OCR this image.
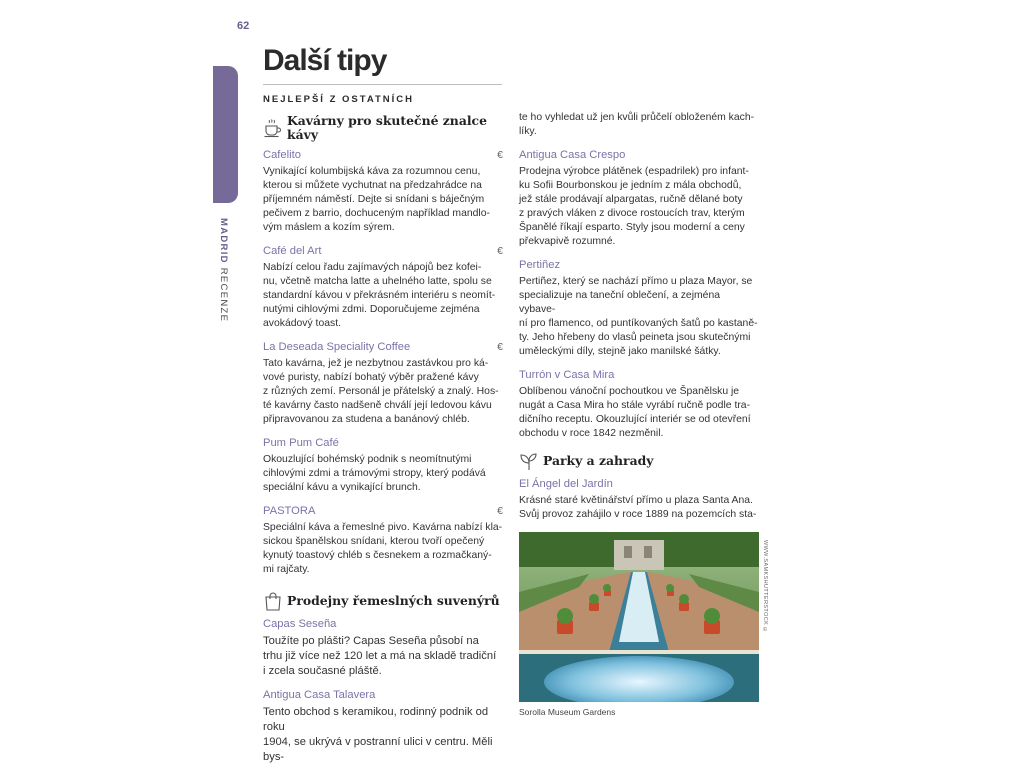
62
MADRID RECENZE
Další tipy
NEJLEPŠÍ Z OSTATNÍCH
Kavárny pro skutečné znalce kávy
Cafelito	€
Vynikající kolumbijská káva za rozumnou cenu,
kterou si můžete vychutnat na předzahrádce na
příjemném náměstí. Dejte si snídani s báječným
pečivem z barrio, dochuceným například mandlo-
vým máslem a kozím sýrem.
Café del Art	€
Nabízí celou řadu zajímavých nápojů bez kofei-
nu, včetně matcha latte a uhelného latte, spolu se
standardní kávou v překrásném interiéru s neomít-
nutými cihlovými zdmi. Doporučujeme zejména
avokádový toast.
La Deseada Speciality Coffee	€
Tato kavárna, jež je nezbytnou zastávkou pro ká-
vové puristy, nabízí bohatý výběr pražené kávy
z různých zemí. Personál je přátelský a znalý. Hos-
té kavárny často nadšeně chválí její ledovou kávu
připravovanou za studena a banánový chléb.
Pum Pum Café
Okouzlující bohémský podnik s neomítnutými
cihlovými zdmi a trámovými stropy, který podává
speciální kávu a vynikající brunch.
PASTORA	€
Speciální káva a řemeslné pivo. Kavárna nabízí kla-
sickou španělskou snídani, kterou tvoří opečený
kynutý toastový chléb s česnekem a rozmačkaný-
mi rajčaty.
Prodejny řemeslných suvenýrů
Capas Seseña
Toužíte po plášti? Capas Seseña působí na
trhu již více než 120 let a má na skladě tradiční
i zcela současné pláště.
Antigua Casa Talavera
Tento obchod s keramikou, rodinný podnik od roku
1904, se ukrývá v postranní ulici v centru. Měli bys-
te ho vyhledat už jen kvůli průčelí obloženém kach-
líky.
Antigua Casa Crespo
Prodejna výrobce plátěnek (espadrilek) pro infant-
ku Sofii Bourbonskou je jedním z mála obchodů,
jež stále prodávají alpargatas, ručně dělané boty
z pravých vláken z divoce rostoucích trav, kterým
Španělé říkají esparto. Styly jsou moderní a ceny
překvapivě rozumné.
Pertiñez
Pertiñez, který se nachází přímo u plaza Mayor, se
specializuje na taneční oblečení, a zejména vybave-
ní pro flamenco, od puntíkovaných šatů po kastaně-
ty. Jeho hřebeny do vlasů peineta jsou skutečnými
uměleckými díly, stejně jako manilské šátky.
Turrón v Casa Mira
Oblíbenou vánoční pochoutkou ve Španělsku je
nugát a Casa Mira ho stále vyrábí ručně podle tra-
dičního receptu. Okouzlující interiér se od otevření
obchodu v roce 1842 nezměnil.
Parky a zahrady
El Ángel del Jardín
Krásné staré květinářství přímo u plaza Santa Ana.
Svůj provoz zahájilo v roce 1889 na pozemcích sta-
WWW.SAMKSHUTTERSTOCK ©
Sorolla Museum Gardens
